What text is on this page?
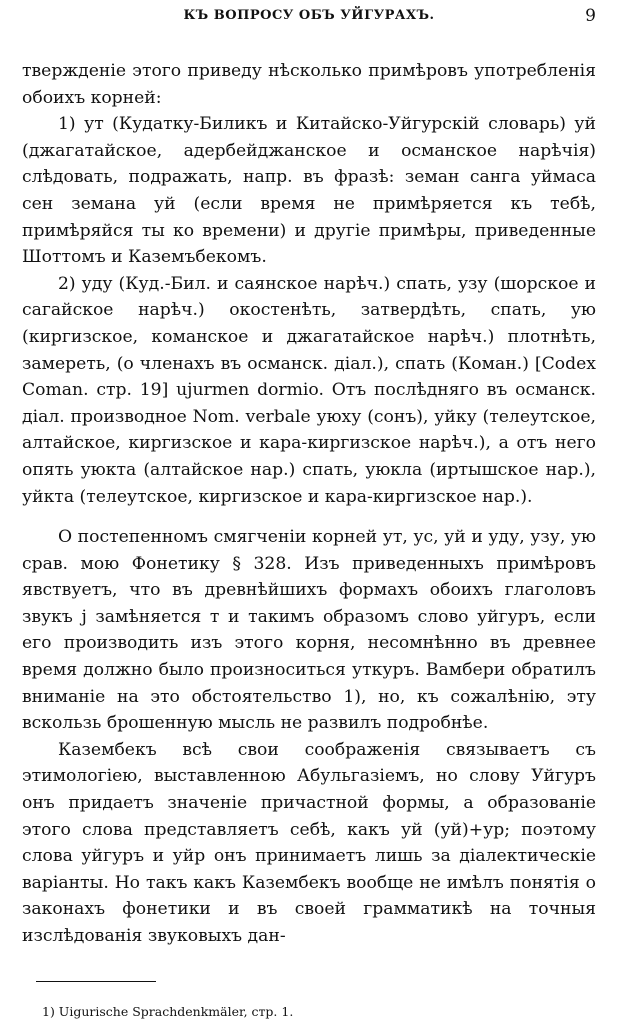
КЪ ВОПРОСУ ОБЪ УЙГУРАХЪ.	9

твержденіе этого приведу нѣсколько примѣровъ употребленія обоихъ корней:

1) ут (Кудатку-Биликъ и Китайско-Уйгурскій словарь) уй (джагатайское, адербейджанское и османское нарѣчія) слѣдовать, подражать, напр. въ фразѣ: земан санга уймаса сен земана уй (если время не примѣряется къ тебѣ, примѣряйся ты ко времени) и другіе примѣры, приведенные Шоттомъ и Каземъбекомъ.

2) уду (Куд.-Бил. и саянское нарѣч.) спать, узу (шорское и сагайское нарѣч.) окостенѣть, затвердѣть, спать, ую (киргизское, команское и джагатайское нарѣч.) плотнѣть, замереть, (о членахъ въ османск. діал.), спать (Коман.) [Codex Coman. стр. 19] ujurmen dormio. Отъ послѣдняго въ османск. діал. производное Nom. verbale уюху (сонъ), уйку (телеутское, алтайское, киргизское и кара-киргизское нарѣч.), а отъ него опять уюкта (алтайское нар.) спать, уюкла (иртышское нар.), уйкта (телеутское, киргизское и кара-киргизское нар.).

О постепенномъ смягченіи корней ут, ус, уй и уду, узу, ую срав. мою Фонетику § 328. Изъ приведенныхъ примѣровъ явствуетъ, что въ древнѣйшихъ формахъ обоихъ глаголовъ звукъ j замѣняется т и такимъ образомъ слово уйгуръ, если его производить изъ этого корня, несомнѣнно въ древнее время должно было произноситься уткуръ. Вамбери обратилъ вниманіе на это обстоятельство 1), но, къ сожалѣнію, эту вскользь брошенную мысль не развилъ подробнѣе.

Казембекъ всѣ свои соображенія связываетъ съ этимологіею, выставленною Абульгазіемъ, но слову Уйгуръ онъ придаетъ значеніе причастной формы, а образованіе этого слова представляетъ себѣ, какъ уй (уй)+ур; поэтому слова уйгуръ и уйр онъ принимаетъ лишь за діалектическіе варіанты. Но такъ какъ Казембекъ вообще не имѣлъ понятія о законахъ фонетики и въ своей грамматикѣ на точныя изслѣдованія звуковыхъ дан-

1) Uigurische Sprachdenkmäler, стр. 1.
